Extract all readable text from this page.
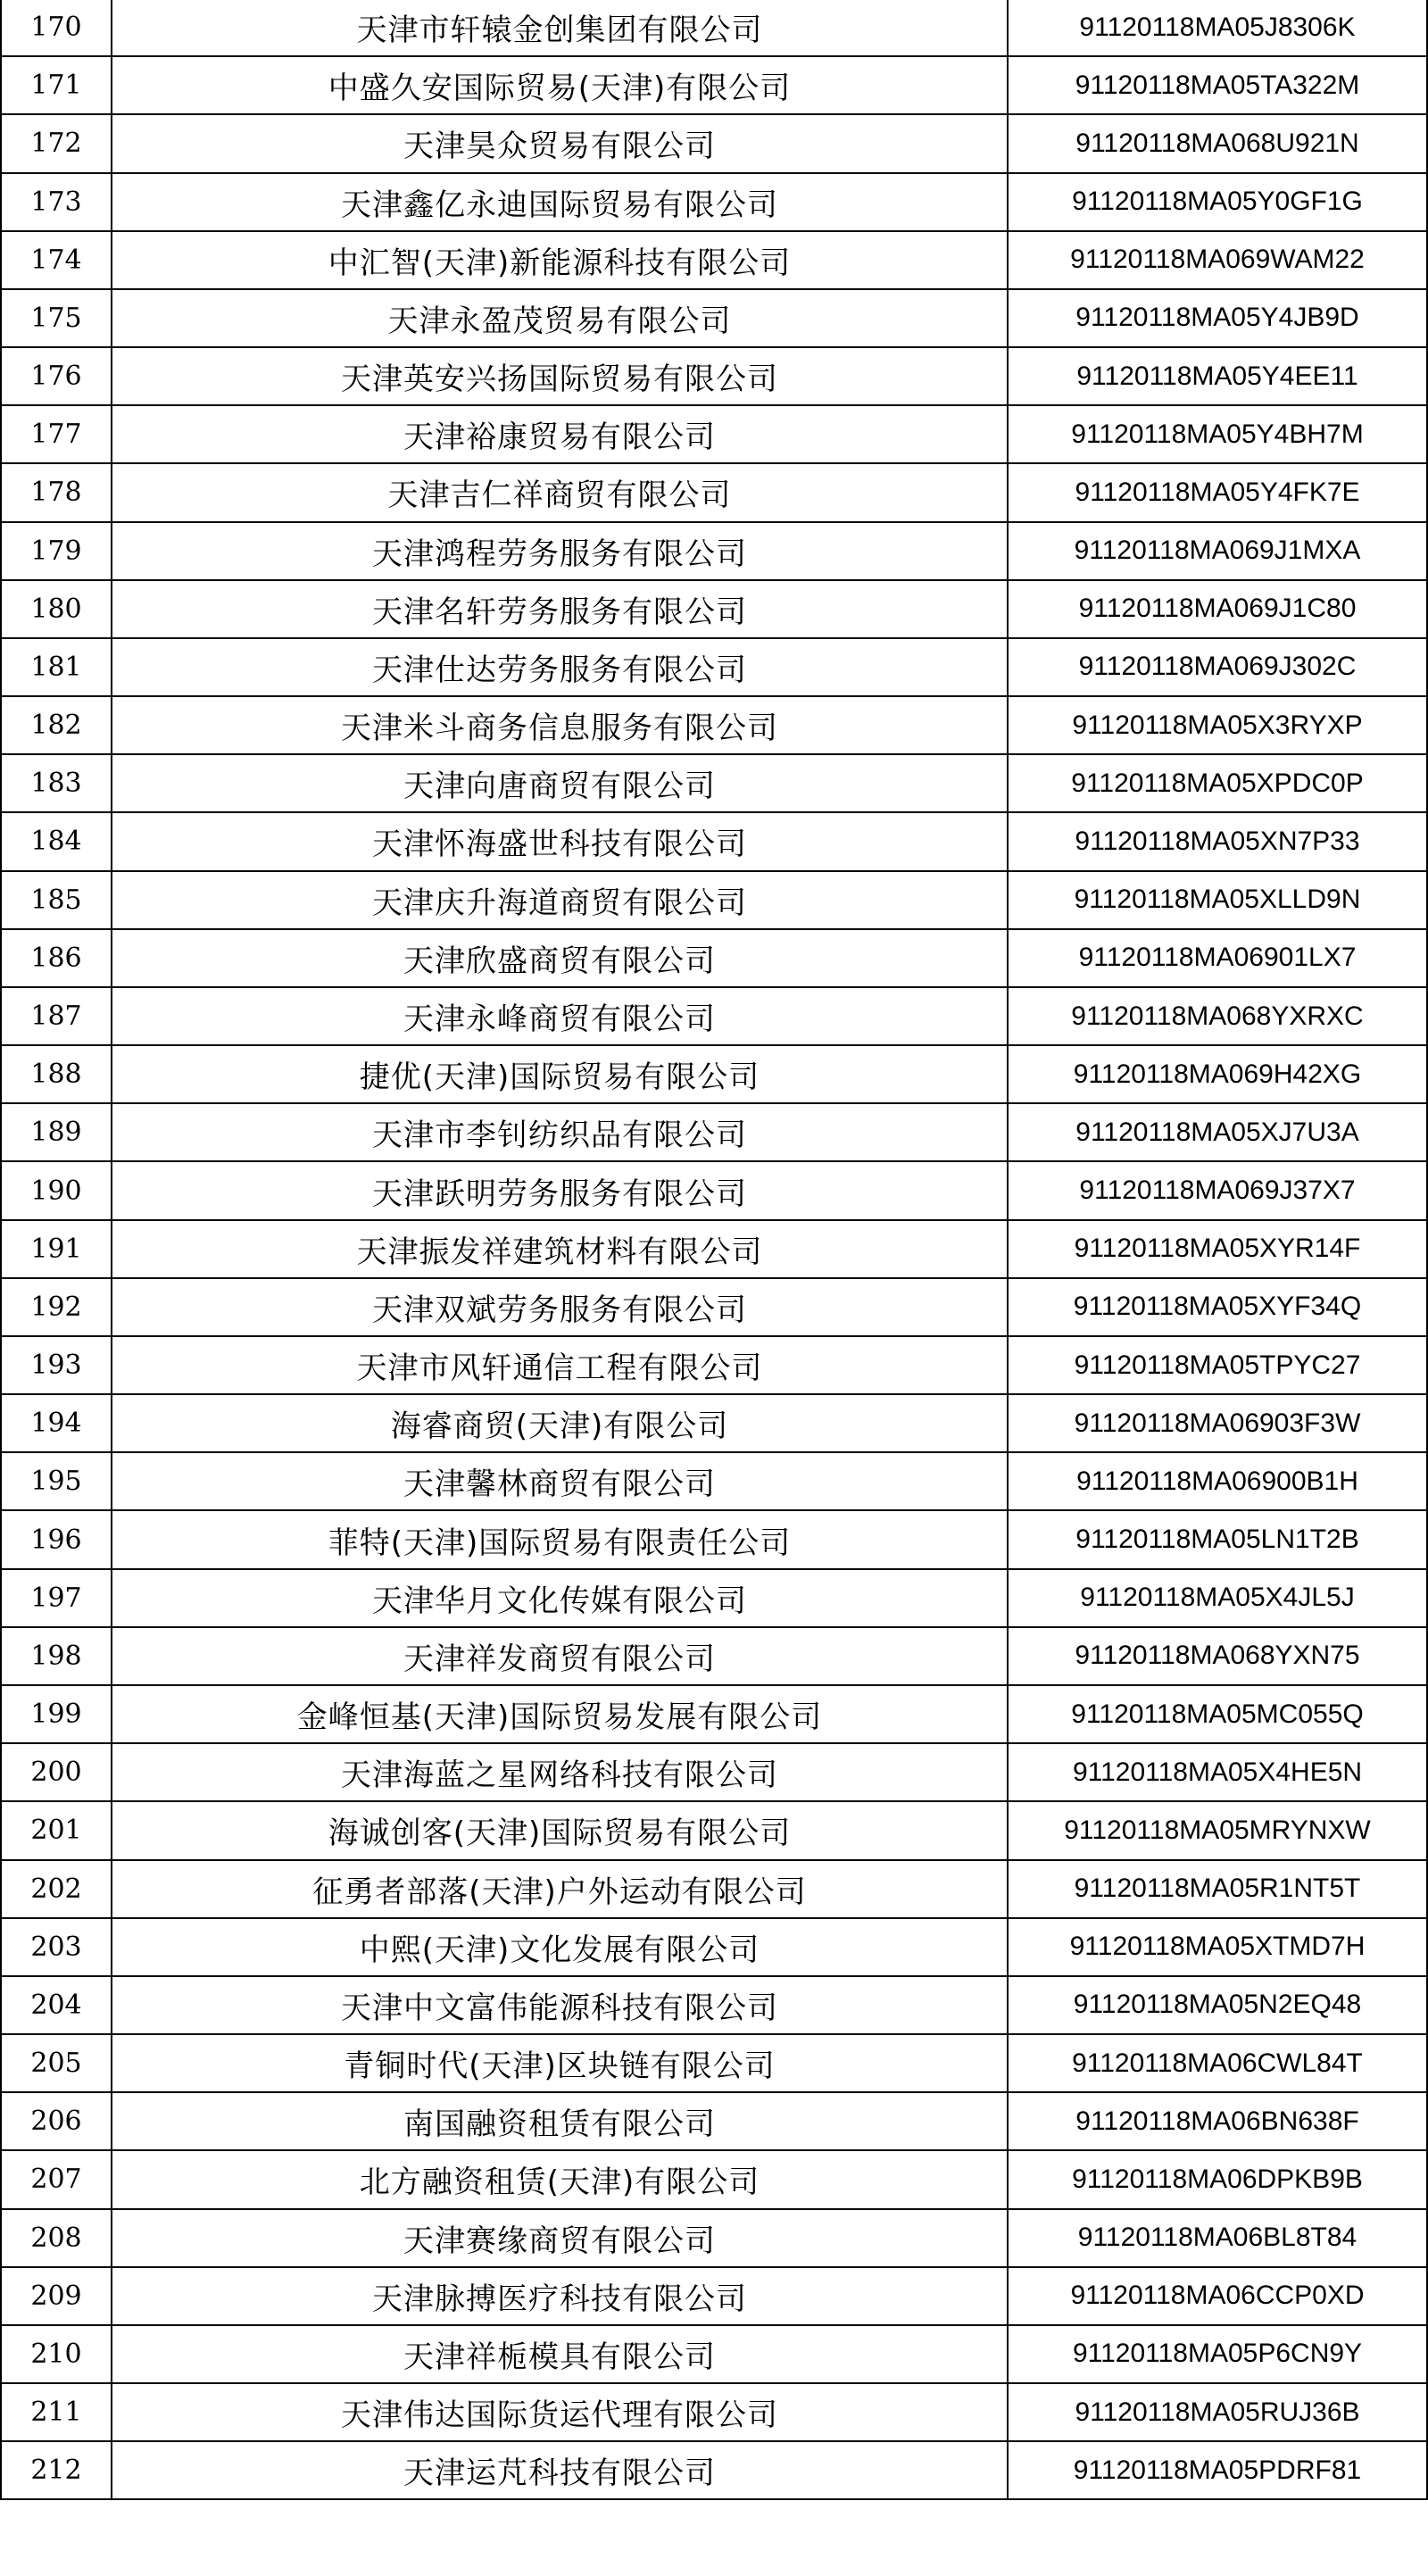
170	天津市轩辕金创集团有限公司	91120118MA05J8306K
171	中盛久安国际贸易(天津)有限公司	91120118MA05TA322M
172	天津昊众贸易有限公司	91120118MA068U921N
173	天津鑫亿永迪国际贸易有限公司	91120118MA05Y0GF1G
174	中汇智(天津)新能源科技有限公司	91120118MA069WAM22
175	天津永盈茂贸易有限公司	91120118MA05Y4JB9D
176	天津英安兴扬国际贸易有限公司	91120118MA05Y4EE11
177	天津裕康贸易有限公司	91120118MA05Y4BH7M
178	天津吉仁祥商贸有限公司	91120118MA05Y4FK7E
179	天津鸿程劳务服务有限公司	91120118MA069J1MXA
180	天津名轩劳务服务有限公司	91120118MA069J1C80
181	天津仕达劳务服务有限公司	91120118MA069J302C
182	天津米斗商务信息服务有限公司	91120118MA05X3RYXP
183	天津向唐商贸有限公司	91120118MA05XPDC0P
184	天津怀海盛世科技有限公司	91120118MA05XN7P33
185	天津庆升海道商贸有限公司	91120118MA05XLLD9N
186	天津欣盛商贸有限公司	91120118MA06901LX7
187	天津永峰商贸有限公司	91120118MA068YXRXC
188	捷优(天津)国际贸易有限公司	91120118MA069H42XG
189	天津市李钊纺织品有限公司	91120118MA05XJ7U3A
190	天津跃明劳务服务有限公司	91120118MA069J37X7
191	天津振发祥建筑材料有限公司	91120118MA05XYR14F
192	天津双斌劳务服务有限公司	91120118MA05XYF34Q
193	天津市风轩通信工程有限公司	91120118MA05TPYC27
194	海睿商贸(天津)有限公司	91120118MA06903F3W
195	天津馨林商贸有限公司	91120118MA06900B1H
196	菲特(天津)国际贸易有限责任公司	91120118MA05LN1T2B
197	天津华月文化传媒有限公司	91120118MA05X4JL5J
198	天津祥发商贸有限公司	91120118MA068YXN75
199	金峰恒基(天津)国际贸易发展有限公司	91120118MA05MC055Q
200	天津海蓝之星网络科技有限公司	91120118MA05X4HE5N
201	海诚创客(天津)国际贸易有限公司	91120118MA05MRYNXW
202	征勇者部落(天津)户外运动有限公司	91120118MA05R1NT5T
203	中熙(天津)文化发展有限公司	91120118MA05XTMD7H
204	天津中文富伟能源科技有限公司	91120118MA05N2EQ48
205	青铜时代(天津)区块链有限公司	91120118MA06CWL84T
206	南国融资租赁有限公司	91120118MA06BN638F
207	北方融资租赁(天津)有限公司	91120118MA06DPKB9B
208	天津赛缘商贸有限公司	91120118MA06BL8T84
209	天津脉搏医疗科技有限公司	91120118MA06CCP0XD
210	天津祥栀模具有限公司	91120118MA05P6CN9Y
211	天津伟达国际货运代理有限公司	91120118MA05RUJ36B
212	天津运芃科技有限公司	91120118MA05PDRF81
